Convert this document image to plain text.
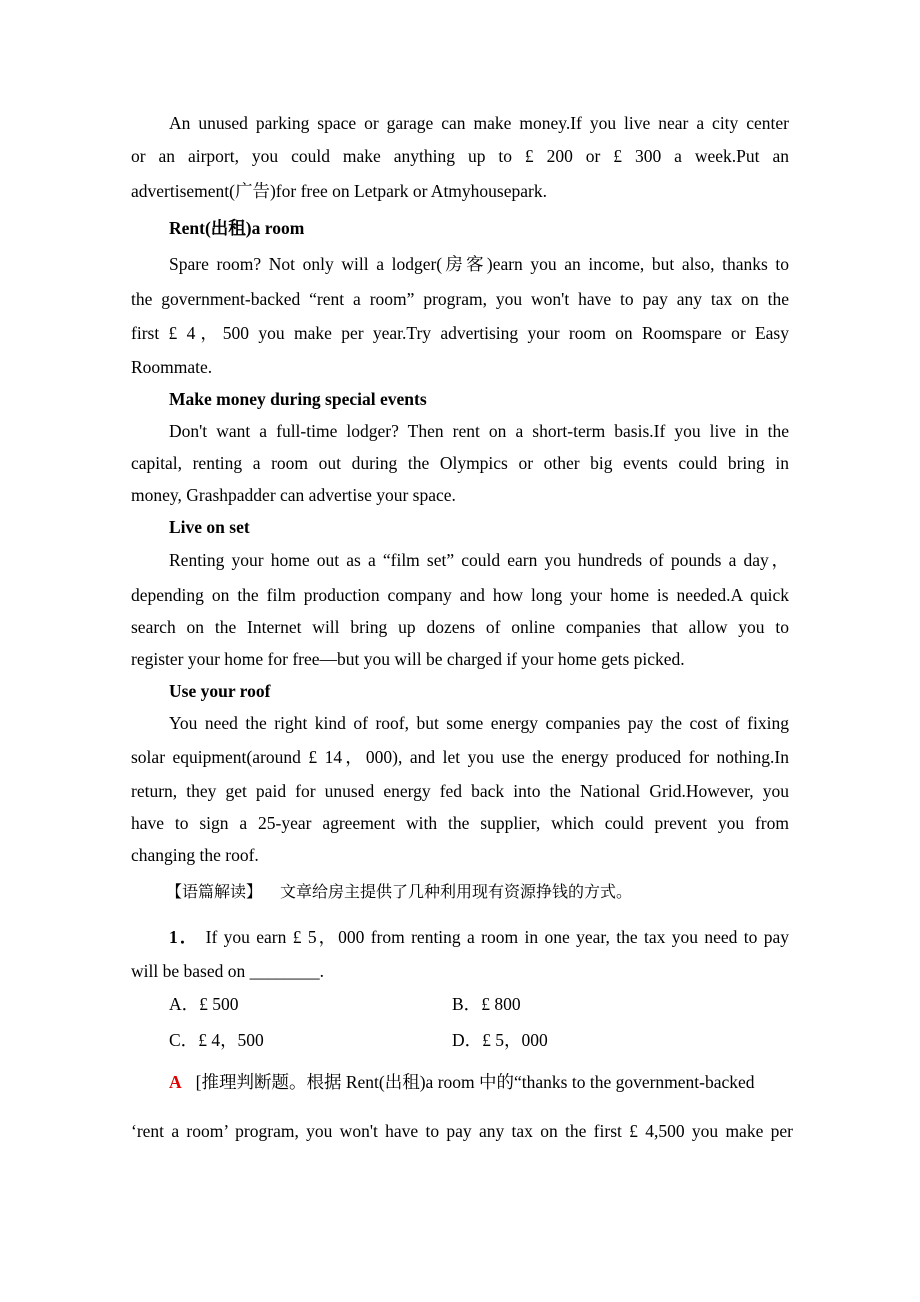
An unused parking space or garage can make money.If you live near a city center
or an airport, you could make anything up to £ 200 or £ 300 a week.Put an
advertisement(广告)for free on Letpark or Atmyhousepark.
Rent(出租)a room
Spare room? Not only will a lodger(房客)earn you an income, but also, thanks to
the government-backed “rent a room” program, you won't have to pay any tax on the
first £ 4，500 you make per year.Try advertising your room on Roomspare or Easy
Roommate.
Make money during special events
Don't want a full-time lodger? Then rent on a short-term basis.If you live in the
capital, renting a room out during the Olympics or other big events could bring in
money, Grashpadder can advertise your space.
Live on set
Renting your home out as a “film set” could earn you hundreds of pounds a day，
depending on the film production company and how long your home is needed.A quick
search on the Internet will bring up dozens of online companies that allow you to
register your home for free—but you will be charged if your home gets picked.
Use your roof
You need the right kind of roof, but some energy companies pay the cost of fixing
solar equipment(around £ 14，000), and let you use the energy produced for nothing.In
return, they get paid for unused energy fed back into the National Grid.However, you
have to sign a 25-year agreement with the supplier, which could prevent you from
changing the roof.
【语篇解读】 文章给房主提供了几种利用现有资源挣钱的方式。
1． If you earn £ 5，000 from renting a room in one year, the tax you need to pay
will be based on ________.
A．£ 500	B．£ 800
C．£ 4，500	D．£ 5，000
A [推理判断题。根据 Rent(出租)a room 中的“thanks to the government-backed
‘rent a room’ program, you won't have to pay any tax on the first £ 4,500 you make per
